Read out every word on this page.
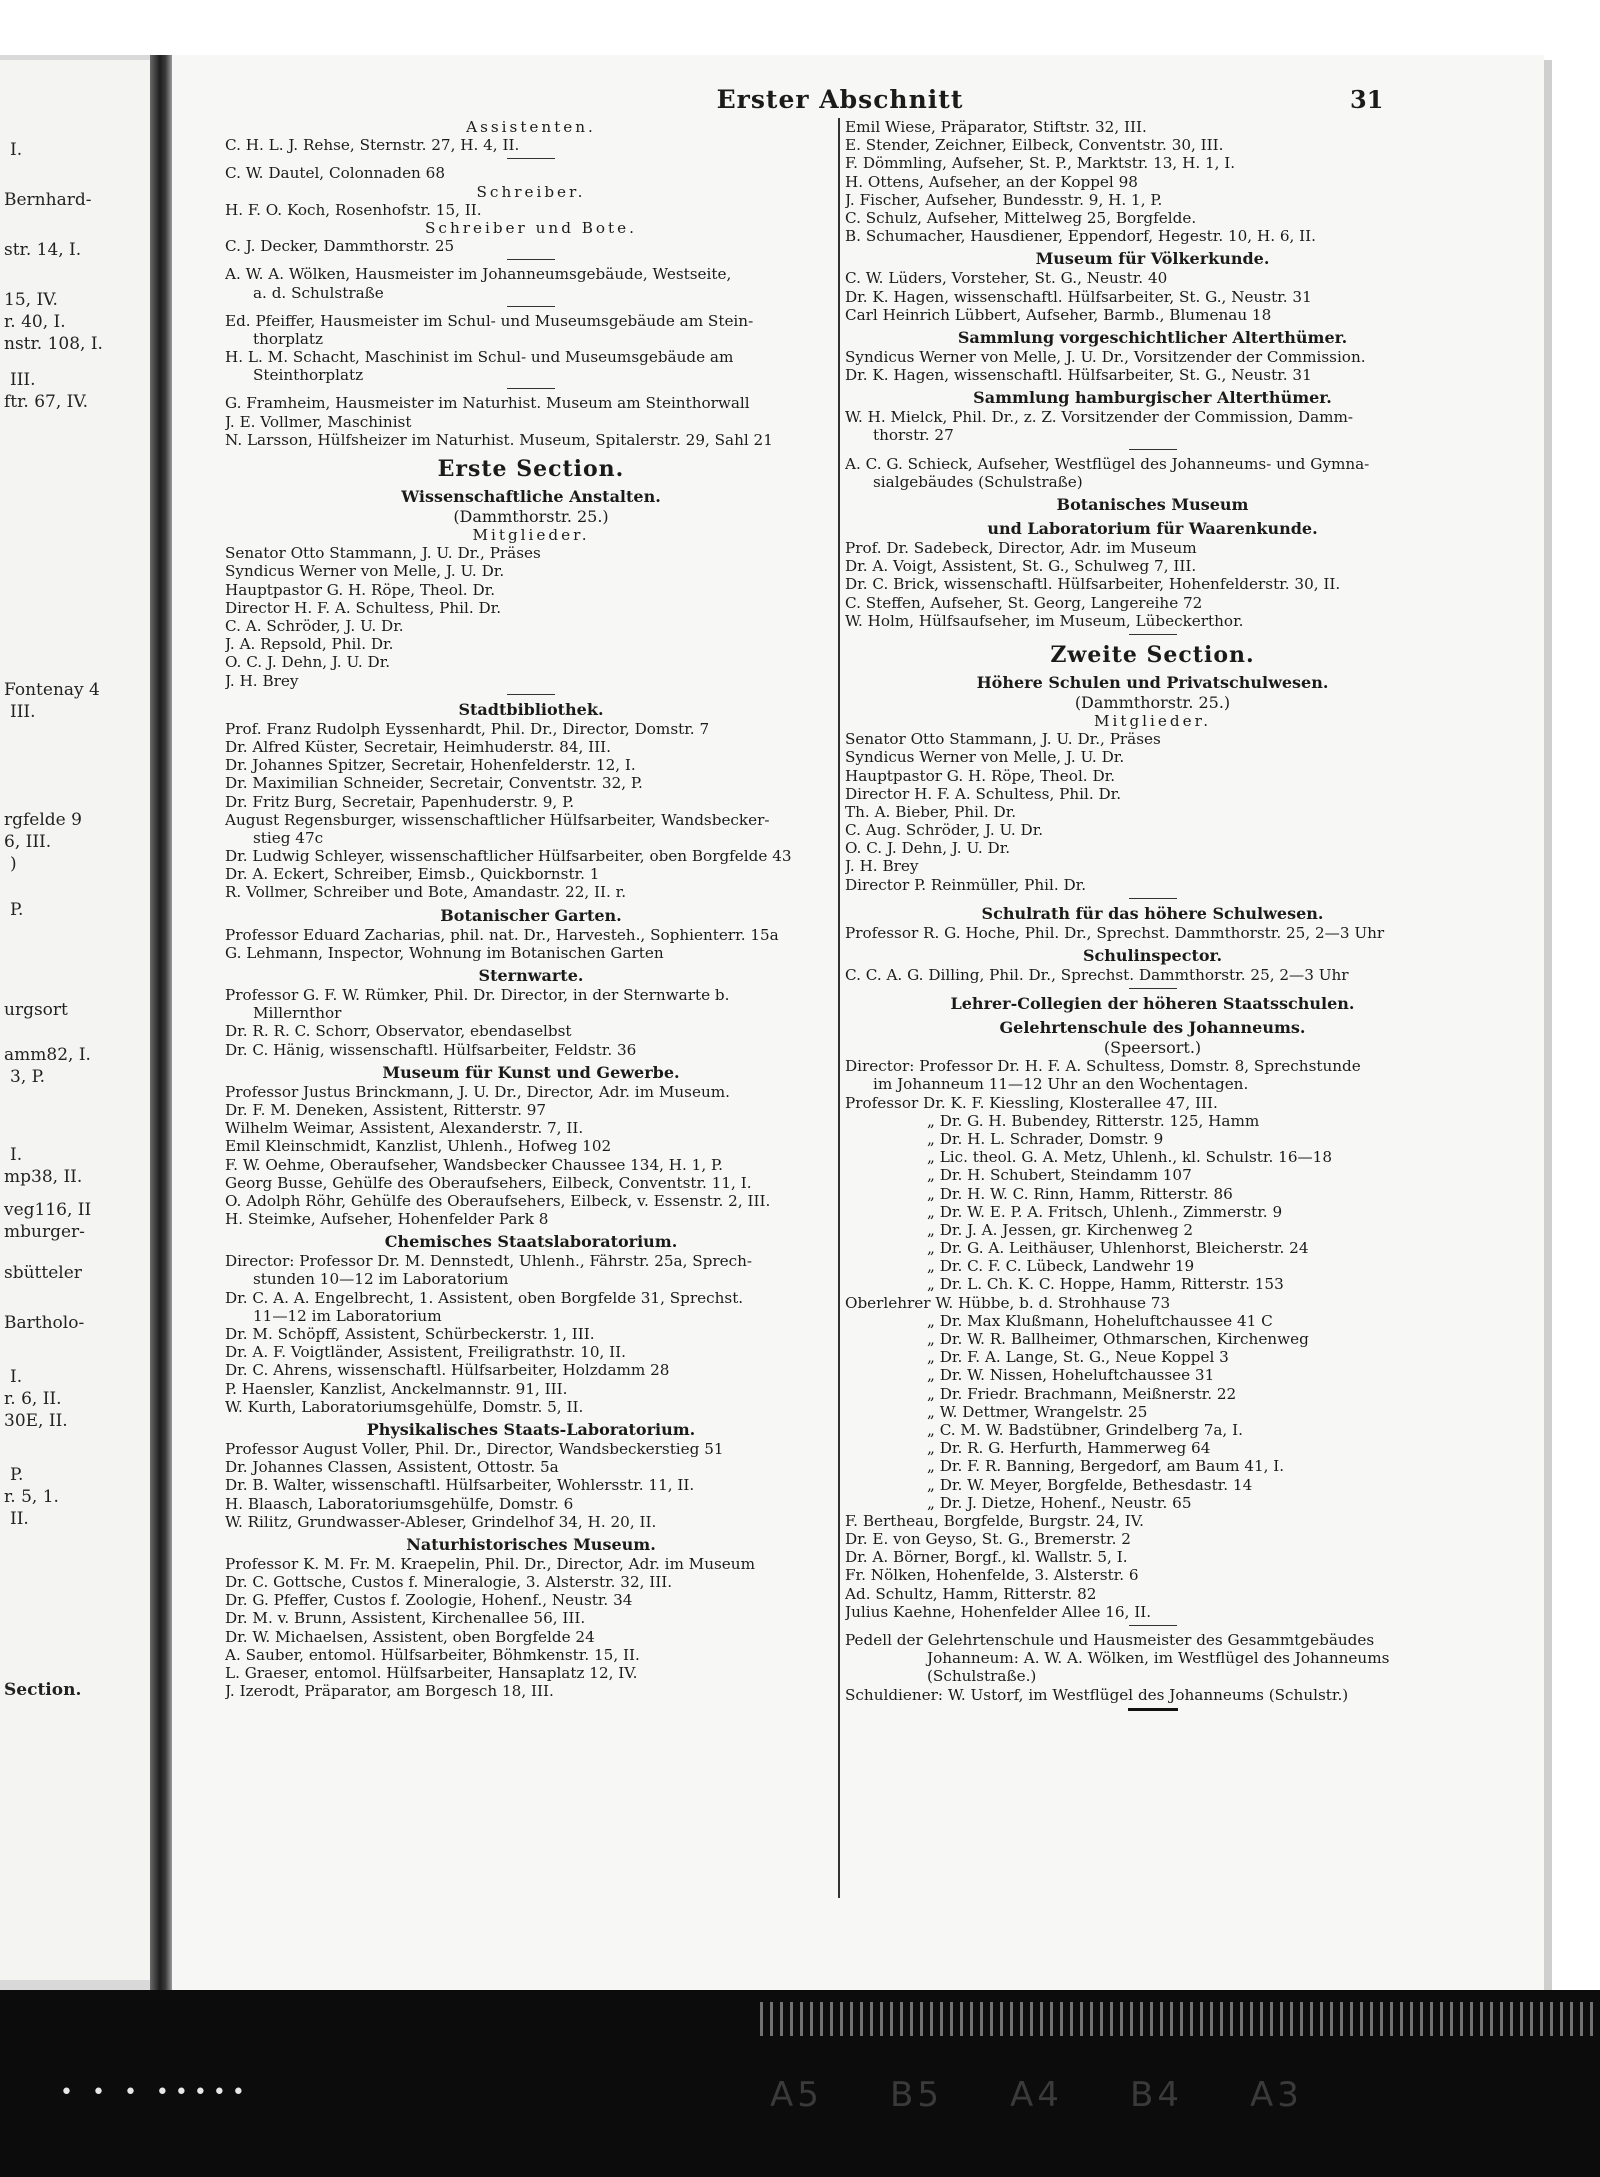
I.
Bernhard-
str. 14, I.
15, IV.
r. 40, I.
nstr. 108, I.
III.
ftr. 67, IV.
Fontenay 4
III.
rgfelde 9
6, III.
)
P.
urgsort
amm82, I.
3, P.
I.
mp38, II.
veg116, II
mburger-
sbütteler
Bartholo-
I.
r. 6, II.
30E, II.
P.
r. 5, 1.
II.
Section.
Erster Abschnitt	31
Assistenten.
C. H. L. J. Rehse, Sternstr. 27, H. 4, II.
C. W. Dautel, Colonnaden 68
Schreiber.
H. F. O. Koch, Rosenhofstr. 15, II.
Schreiber und Bote.
C. J. Decker, Dammthorstr. 25
A. W. A. Wölken, Hausmeister im Johanneumsgebäude, Westseite,
a. d. Schulstraße
Ed. Pfeiffer, Hausmeister im Schul- und Museumsgebäude am Stein-
thorplatz
H. L. M. Schacht, Maschinist im Schul- und Museumsgebäude am
Steinthorplatz
G. Framheim, Hausmeister im Naturhist. Museum am Steinthorwall
J. E. Vollmer, Maschinist
N. Larsson, Hülfsheizer im Naturhist. Museum, Spitalerstr. 29, Sahl 21
Erste Section.
Wissenschaftliche Anstalten.
(Dammthorstr. 25.)
Mitglieder.
Senator Otto Stammann, J. U. Dr., Präses
Syndicus Werner von Melle, J. U. Dr.
Hauptpastor G. H. Röpe, Theol. Dr.
Director H. F. A. Schultess, Phil. Dr.
C. A. Schröder, J. U. Dr.
J. A. Repsold, Phil. Dr.
O. C. J. Dehn, J. U. Dr.
J. H. Brey
Stadtbibliothek.
Prof. Franz Rudolph Eyssenhardt, Phil. Dr., Director, Domstr. 7
Dr. Alfred Küster, Secretair, Heimhuderstr. 84, III.
Dr. Johannes Spitzer, Secretair, Hohenfelderstr. 12, I.
Dr. Maximilian Schneider, Secretair, Conventstr. 32, P.
Dr. Fritz Burg, Secretair, Papenhuderstr. 9, P.
August Regensburger, wissenschaftlicher Hülfsarbeiter, Wandsbecker-
stieg 47c
Dr. Ludwig Schleyer, wissenschaftlicher Hülfsarbeiter, oben Borgfelde 43
Dr. A. Eckert, Schreiber, Eimsb., Quickbornstr. 1
R. Vollmer, Schreiber und Bote, Amandastr. 22, II. r.
Botanischer Garten.
Professor Eduard Zacharias, phil. nat. Dr., Harvesteh., Sophienterr. 15a
G. Lehmann, Inspector, Wohnung im Botanischen Garten
Sternwarte.
Professor G. F. W. Rümker, Phil. Dr. Director, in der Sternwarte b.
Millernthor
Dr. R. R. C. Schorr, Observator, ebendaselbst
Dr. C. Hänig, wissenschaftl. Hülfsarbeiter, Feldstr. 36
Museum für Kunst und Gewerbe.
Professor Justus Brinckmann, J. U. Dr., Director, Adr. im Museum.
Dr. F. M. Deneken, Assistent, Ritterstr. 97
Wilhelm Weimar, Assistent, Alexanderstr. 7, II.
Emil Kleinschmidt, Kanzlist, Uhlenh., Hofweg 102
F. W. Oehme, Oberaufseher, Wandsbecker Chaussee 134, H. 1, P.
Georg Busse, Gehülfe des Oberaufsehers, Eilbeck, Conventstr. 11, I.
O. Adolph Röhr, Gehülfe des Oberaufsehers, Eilbeck, v. Essenstr. 2, III.
H. Steimke, Aufseher, Hohenfelder Park 8
Chemisches Staatslaboratorium.
Director: Professor Dr. M. Dennstedt, Uhlenh., Fährstr. 25a, Sprech-
stunden 10—12 im Laboratorium
Dr. C. A. A. Engelbrecht, 1. Assistent, oben Borgfelde 31, Sprechst.
11—12 im Laboratorium
Dr. M. Schöpff, Assistent, Schürbeckerstr. 1, III.
Dr. A. F. Voigtländer, Assistent, Freiligrathstr. 10, II.
Dr. C. Ahrens, wissenschaftl. Hülfsarbeiter, Holzdamm 28
P. Haensler, Kanzlist, Anckelmannstr. 91, III.
W. Kurth, Laboratoriumsgehülfe, Domstr. 5, II.
Physikalisches Staats-Laboratorium.
Professor August Voller, Phil. Dr., Director, Wandsbeckerstieg 51
Dr. Johannes Classen, Assistent, Ottostr. 5a
Dr. B. Walter, wissenschaftl. Hülfsarbeiter, Wohlersstr. 11, II.
H. Blaasch, Laboratoriumsgehülfe, Domstr. 6
W. Rilitz, Grundwasser-Ableser, Grindelhof 34, H. 20, II.
Naturhistorisches Museum.
Professor K. M. Fr. M. Kraepelin, Phil. Dr., Director, Adr. im Museum
Dr. C. Gottsche, Custos f. Mineralogie, 3. Alsterstr. 32, III.
Dr. G. Pfeffer, Custos f. Zoologie, Hohenf., Neustr. 34
Dr. M. v. Brunn, Assistent, Kirchenallee 56, III.
Dr. W. Michaelsen, Assistent, oben Borgfelde 24
A. Sauber, entomol. Hülfsarbeiter, Böhmkenstr. 15, II.
L. Graeser, entomol. Hülfsarbeiter, Hansaplatz 12, IV.
J. Izerodt, Präparator, am Borgesch 18, III.
Emil Wiese, Präparator, Stiftstr. 32, III.
E. Stender, Zeichner, Eilbeck, Conventstr. 30, III.
F. Dömmling, Aufseher, St. P., Marktstr. 13, H. 1, I.
H. Ottens, Aufseher, an der Koppel 98
J. Fischer, Aufseher, Bundesstr. 9, H. 1, P.
C. Schulz, Aufseher, Mittelweg 25, Borgfelde.
B. Schumacher, Hausdiener, Eppendorf, Hegestr. 10, H. 6, II.
Museum für Völkerkunde.
C. W. Lüders, Vorsteher, St. G., Neustr. 40
Dr. K. Hagen, wissenschaftl. Hülfsarbeiter, St. G., Neustr. 31
Carl Heinrich Lübbert, Aufseher, Barmb., Blumenau 18
Sammlung vorgeschichtlicher Alterthümer.
Syndicus Werner von Melle, J. U. Dr., Vorsitzender der Commission.
Dr. K. Hagen, wissenschaftl. Hülfsarbeiter, St. G., Neustr. 31
Sammlung hamburgischer Alterthümer.
W. H. Mielck, Phil. Dr., z. Z. Vorsitzender der Commission, Damm-
thorstr. 27
A. C. G. Schieck, Aufseher, Westflügel des Johanneums- und Gymna-
sialgebäudes (Schulstraße)
Botanisches Museum
und Laboratorium für Waarenkunde.
Prof. Dr. Sadebeck, Director, Adr. im Museum
Dr. A. Voigt, Assistent, St. G., Schulweg 7, III.
Dr. C. Brick, wissenschaftl. Hülfsarbeiter, Hohenfelderstr. 30, II.
C. Steffen, Aufseher, St. Georg, Langereihe 72
W. Holm, Hülfsaufseher, im Museum, Lübeckerthor.
Zweite Section.
Höhere Schulen und Privatschulwesen.
(Dammthorstr. 25.)
Mitglieder.
Senator Otto Stammann, J. U. Dr., Präses
Syndicus Werner von Melle, J. U. Dr.
Hauptpastor G. H. Röpe, Theol. Dr.
Director H. F. A. Schultess, Phil. Dr.
Th. A. Bieber, Phil. Dr.
C. Aug. Schröder, J. U. Dr.
O. C. J. Dehn, J. U. Dr.
J. H. Brey
Director P. Reinmüller, Phil. Dr.
Schulrath für das höhere Schulwesen.
Professor R. G. Hoche, Phil. Dr., Sprechst. Dammthorstr. 25, 2—3 Uhr
Schulinspector.
C. C. A. G. Dilling, Phil. Dr., Sprechst. Dammthorstr. 25, 2—3 Uhr
Lehrer-Collegien der höheren Staatsschulen.
Gelehrtenschule des Johanneums.
(Speersort.)
Director: Professor Dr. H. F. A. Schultess, Domstr. 8, Sprechstunde
im Johanneum 11—12 Uhr an den Wochentagen.
Professor Dr. K. F. Kiessling, Klosterallee 47, III.
„ Dr. G. H. Bubendey, Ritterstr. 125, Hamm
„ Dr. H. L. Schrader, Domstr. 9
„ Lic. theol. G. A. Metz, Uhlenh., kl. Schulstr. 16—18
„ Dr. H. Schubert, Steindamm 107
„ Dr. H. W. C. Rinn, Hamm, Ritterstr. 86
„ Dr. W. E. P. A. Fritsch, Uhlenh., Zimmerstr. 9
„ Dr. J. A. Jessen, gr. Kirchenweg 2
„ Dr. G. A. Leithäuser, Uhlenhorst, Bleicherstr. 24
„ Dr. C. F. C. Lübeck, Landwehr 19
„ Dr. L. Ch. K. C. Hoppe, Hamm, Ritterstr. 153
Oberlehrer W. Hübbe, b. d. Strohhause 73
„ Dr. Max Klußmann, Hoheluftchaussee 41 C
„ Dr. W. R. Ballheimer, Othmarschen, Kirchenweg
„ Dr. F. A. Lange, St. G., Neue Koppel 3
„ Dr. W. Nissen, Hoheluftchaussee 31
„ Dr. Friedr. Brachmann, Meißnerstr. 22
„ W. Dettmer, Wrangelstr. 25
„ C. M. W. Badstübner, Grindelberg 7a, I.
„ Dr. R. G. Herfurth, Hammerweg 64
„ Dr. F. R. Banning, Bergedorf, am Baum 41, I.
„ Dr. W. Meyer, Borgfelde, Bethesdastr. 14
„ Dr. J. Dietze, Hohenf., Neustr. 65
F. Bertheau, Borgfelde, Burgstr. 24, IV.
Dr. E. von Geyso, St. G., Bremerstr. 2
Dr. A. Börner, Borgf., kl. Wallstr. 5, I.
Fr. Nölken, Hohenfelde, 3. Alsterstr. 6
Ad. Schultz, Hamm, Ritterstr. 82
Julius Kaehne, Hohenfelder Allee 16, II.
Pedell der Gelehrtenschule und Hausmeister des Gesammtgebäudes
Johanneum: A. W. A. Wölken, im Westflügel des Johanneums
(Schulstraße.)
Schuldiener: W. Ustorf, im Westflügel des Johanneums (Schulstr.)
• • • •••••	A5 B5 A4 B4 A3
